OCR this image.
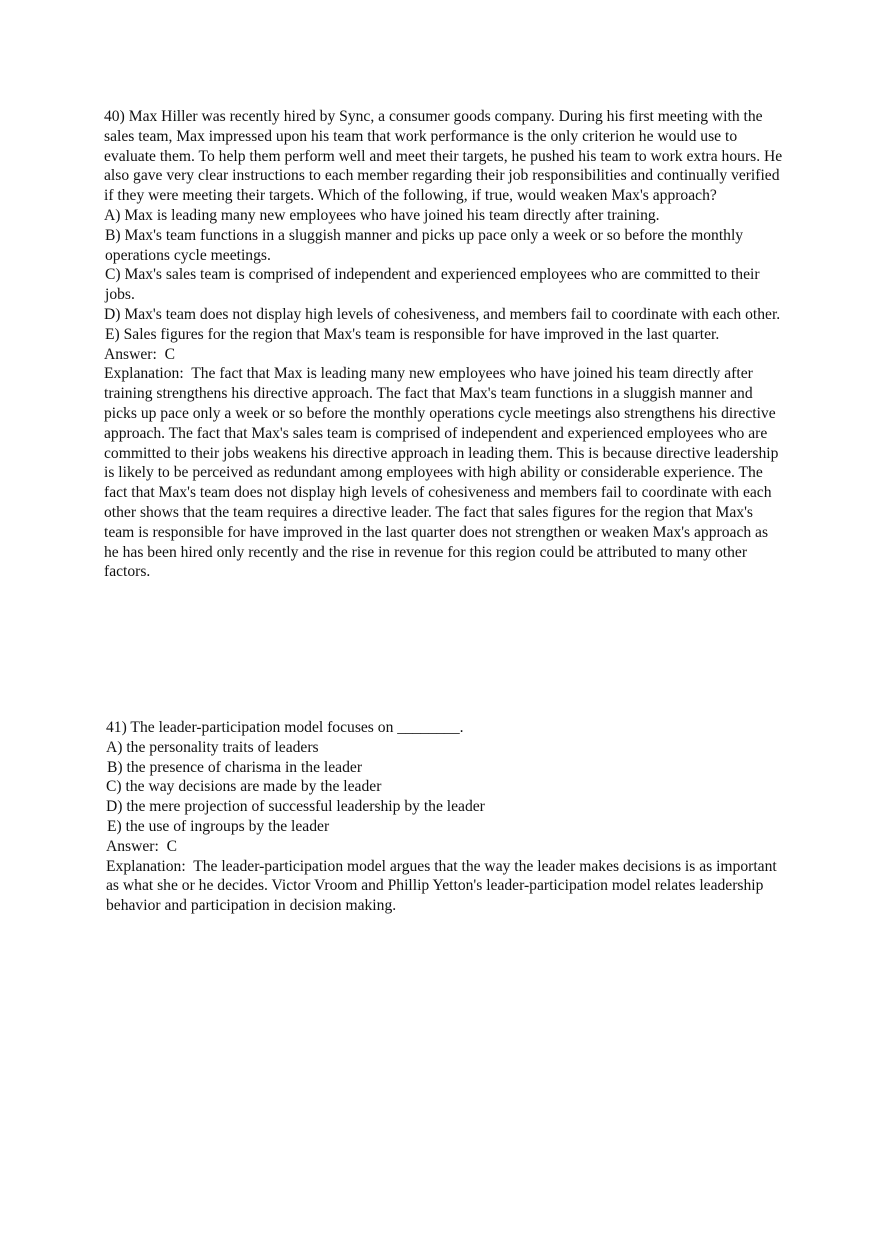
40) Max Hiller was recently hired by Sync, a consumer goods company. During his first meeting with the sales team, Max impressed upon his team that work performance is the only criterion he would use to evaluate them. To help them perform well and meet their targets, he pushed his team to work extra hours. He also gave very clear instructions to each member regarding their job responsibilities and continually verified if they were meeting their targets. Which of the following, if true, would weaken Max's approach?

A) Max is leading many new employees who have joined his team directly after training.

B) Max's team functions in a sluggish manner and picks up pace only a week or so before the monthly operations cycle meetings.

C) Max's sales team is comprised of independent and experienced employees who are committed to their jobs.

D) Max's team does not display high levels of cohesiveness, and members fail to coordinate with each other.

E) Sales figures for the region that Max's team is responsible for have improved in the last quarter.

Answer:  C

Explanation:  The fact that Max is leading many new employees who have joined his team directly after training strengthens his directive approach. The fact that Max's team functions in a sluggish manner and picks up pace only a week or so before the monthly operations cycle meetings also strengthens his directive approach. The fact that Max's sales team is comprised of independent and experienced employees who are committed to their jobs weakens his directive approach in leading them. This is because directive leadership is likely to be perceived as redundant among employees with high ability or considerable experience. The fact that Max's team does not display high levels of cohesiveness and members fail to coordinate with each other shows that the team requires a directive leader. The fact that sales figures for the region that Max's team is responsible for have improved in the last quarter does not strengthen or weaken Max's approach as he has been hired only recently and the rise in revenue for this region could be attributed to many other factors.

41) The leader-participation model focuses on ________.

A) the personality traits of leaders

B) the presence of charisma in the leader

C) the way decisions are made by the leader

D) the mere projection of successful leadership by the leader

E) the use of ingroups by the leader

Answer:  C

Explanation:  The leader-participation model argues that the way the leader makes decisions is as important as what she or he decides. Victor Vroom and Phillip Yetton's leader-participation model relates leadership behavior and participation in decision making.
